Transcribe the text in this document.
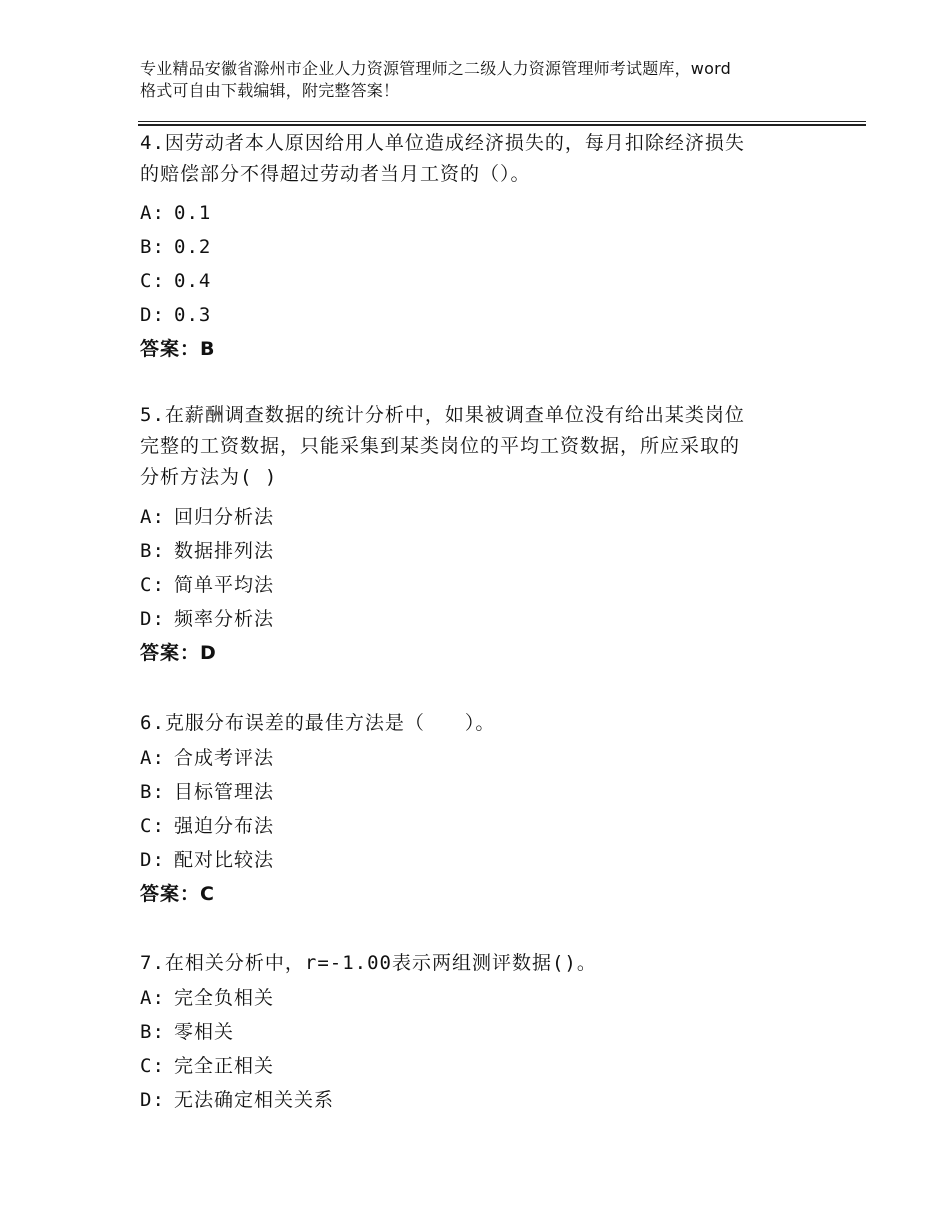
专业精品安徽省滁州市企业人力资源管理师之二级人力资源管理师考试题库，word
格式可自由下载编辑，附完整答案！
4.因劳动者本人原因给用人单位造成经济损失的，每月扣除经济损失
的赔偿部分不得超过劳动者当月工资的（）。
A: 0.1
B: 0.2
C: 0.4
D: 0.3
答案：B
5.在薪酬调查数据的统计分析中，如果被调查单位没有给出某类岗位
完整的工资数据，只能采集到某类岗位的平均工资数据，所应采取的
分析方法为( )
A: 回归分析法
B: 数据排列法
C: 简单平均法
D: 频率分析法
答案：D
6.克服分布误差的最佳方法是（　　）。
A: 合成考评法
B: 目标管理法
C: 强迫分布法
D: 配对比较法
答案：C
7.在相关分析中，r=-1.00表示两组测评数据()。
A: 完全负相关
B: 零相关
C: 完全正相关
D: 无法确定相关关系
